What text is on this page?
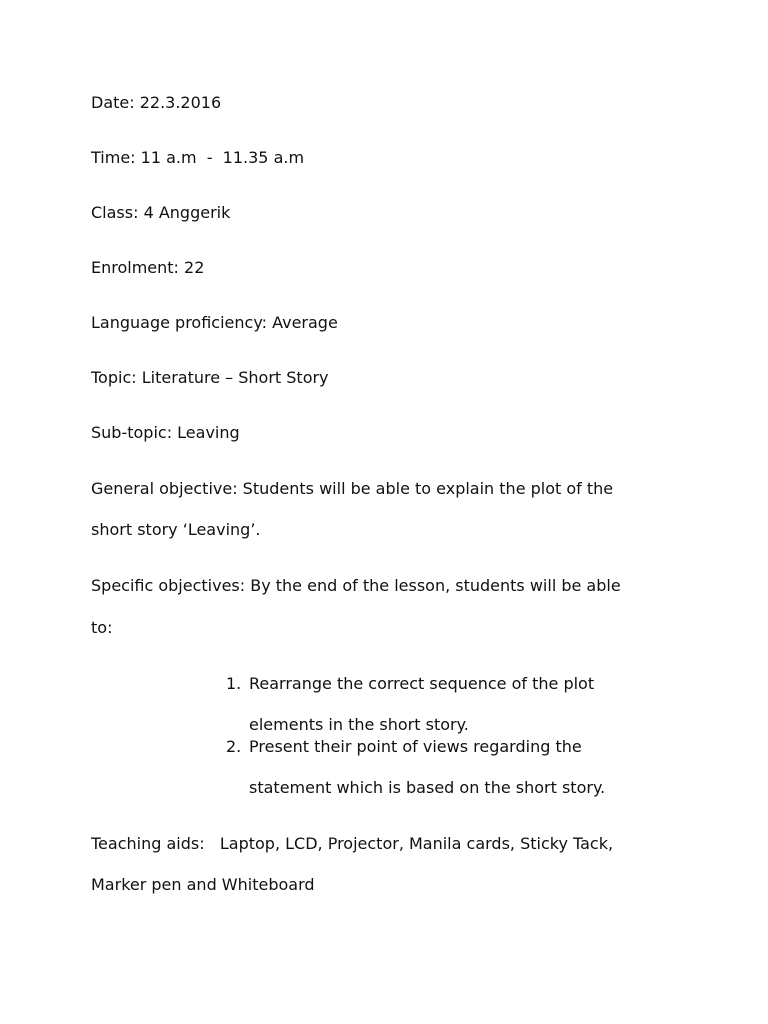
Date: 22.3.2016
Time: 11 a.m  -  11.35 a.m
Class: 4 Anggerik
Enrolment: 22
Language proficiency: Average
Topic: Literature – Short Story
Sub-topic: Leaving
General objective: Students will be able to explain the plot of the
short story ‘Leaving’.
Specific objectives: By the end of the lesson, students will be able
to:
1. Rearrange the correct sequence of the plot
elements in the short story.
2. Present their point of views regarding the
statement which is based on the short story.
Teaching aids:   Laptop, LCD, Projector, Manila cards, Sticky Tack,
Marker pen and Whiteboard
